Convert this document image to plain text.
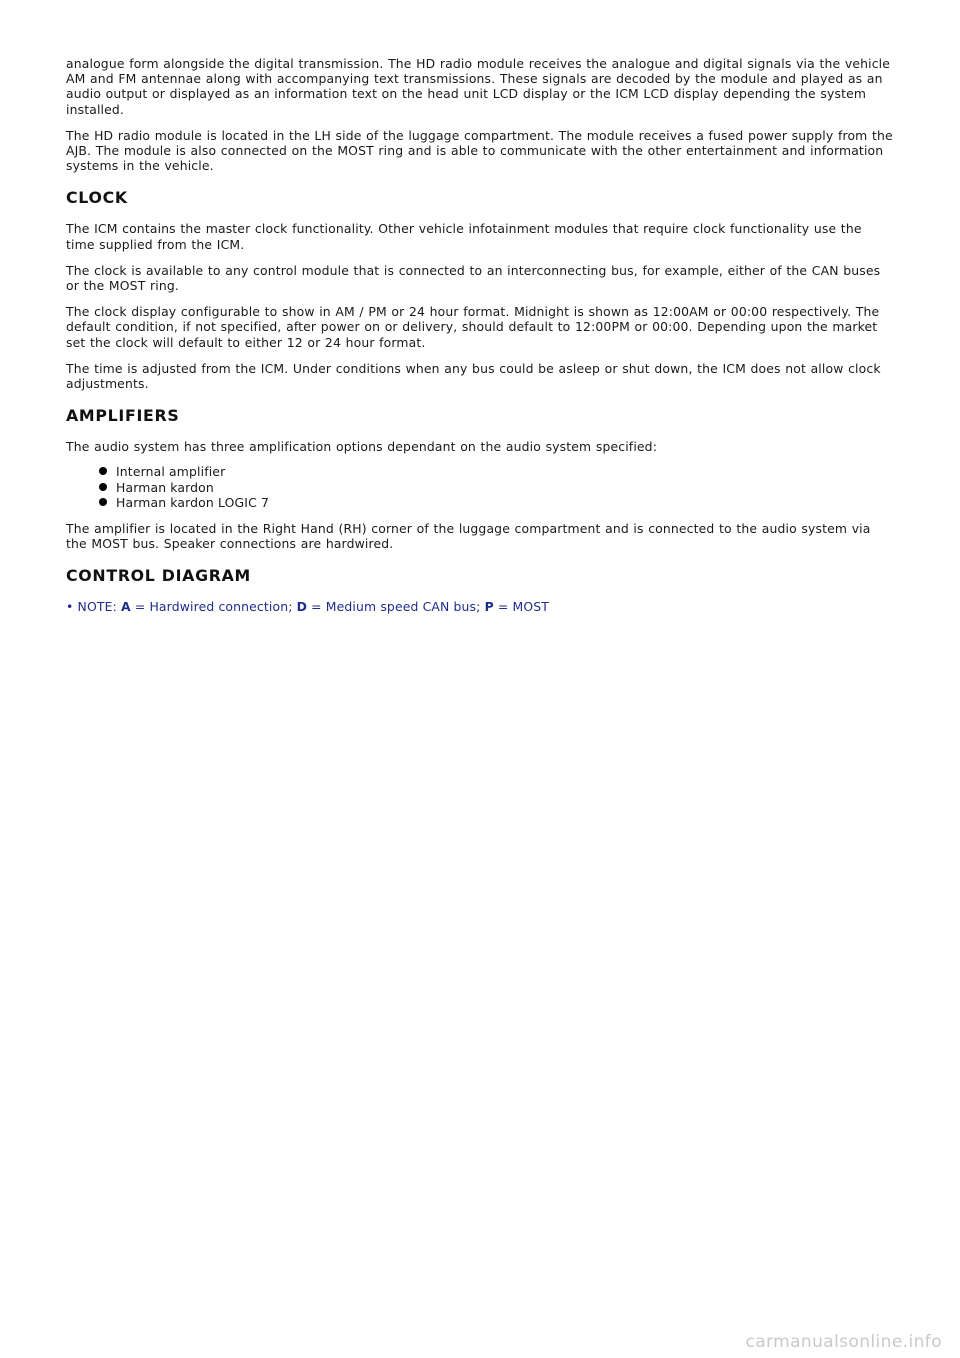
analogue form alongside the digital transmission. The HD radio module receives the analogue and digital signals via the vehicle AM and FM antennae along with accompanying text transmissions. These signals are decoded by the module and played as an audio output or displayed as an information text on the head unit LCD display or the ICM LCD display depending the system installed.

The HD radio module is located in the LH side of the luggage compartment. The module receives a fused power supply from the AJB. The module is also connected on the MOST ring and is able to communicate with the other entertainment and information systems in the vehicle.

CLOCK

The ICM contains the master clock functionality. Other vehicle infotainment modules that require clock functionality use the time supplied from the ICM.

The clock is available to any control module that is connected to an interconnecting bus, for example, either of the CAN buses or the MOST ring.

The clock display configurable to show in AM / PM or 24 hour format. Midnight is shown as 12:00AM or 00:00 respectively. The default condition, if not specified, after power on or delivery, should default to 12:00PM or 00:00. Depending upon the market set the clock will default to either 12 or 24 hour format.

The time is adjusted from the ICM. Under conditions when any bus could be asleep or shut down, the ICM does not allow clock adjustments.

AMPLIFIERS

The audio system has three amplification options dependant on the audio system specified:

Internal amplifier
Harman kardon
Harman kardon LOGIC 7

The amplifier is located in the Right Hand (RH) corner of the luggage compartment and is connected to the audio system via the MOST bus. Speaker connections are hardwired.

CONTROL DIAGRAM
• NOTE: A = Hardwired connection; D = Medium speed CAN bus; P = MOST
carmanualsonline.info
